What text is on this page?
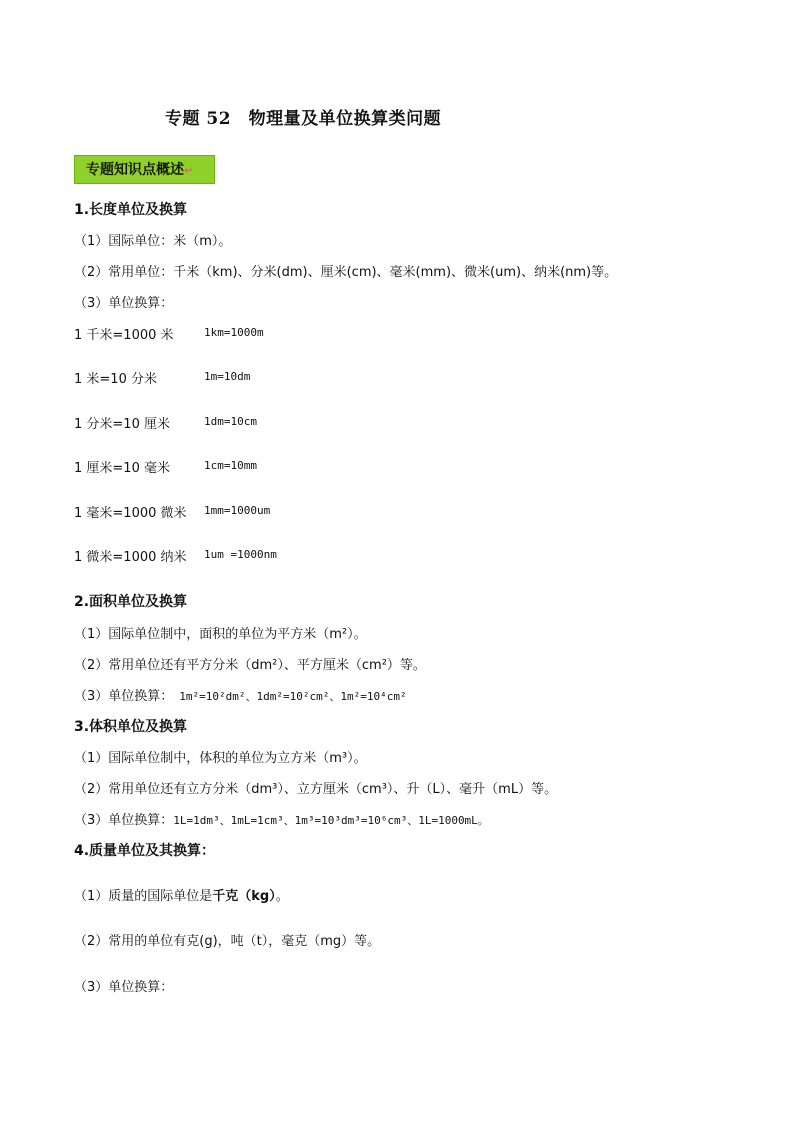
专题 52　物理量及单位换算类问题
专题知识点概述↵
1.长度单位及换算
（1）国际单位：米（m）。
（2）常用单位：千米（km)、分米(dm)、厘米(cm)、毫米(mm)、微米(um)、纳米(nm)等。
（3）单位换算：
1 千米=1000 米	1km=1000m
1 米=10 分米	1m=10dm
1 分米=10 厘米	1dm=10cm
1 厘米=10 毫米	1cm=10mm
1 毫米=1000 微米 1mm=1000um
1 微米=1000 纳米 1um =1000nm
2.面积单位及换算
（1）国际单位制中，面积的单位为平方米（m²）。
（2）常用单位还有平方分米（dm²）、平方厘米（cm²）等。
（3）单位换算： 1m²=10²dm²、1dm²=10²cm²、1m²=10⁴cm²
3.体积单位及换算
（1）国际单位制中，体积的单位为立方米（m³）。
（2）常用单位还有立方分米（dm³）、立方厘米（cm³）、升（L）、毫升（mL）等。
（3）单位换算：1L=1dm³、1mL=1cm³、1m³=10³dm³=10⁶cm³、1L=1000mL。
4.质量单位及其换算：
（1）质量的国际单位是千克（kg）。
（2）常用的单位有克(g)，吨（t），毫克（mg）等。
（3）单位换算：
